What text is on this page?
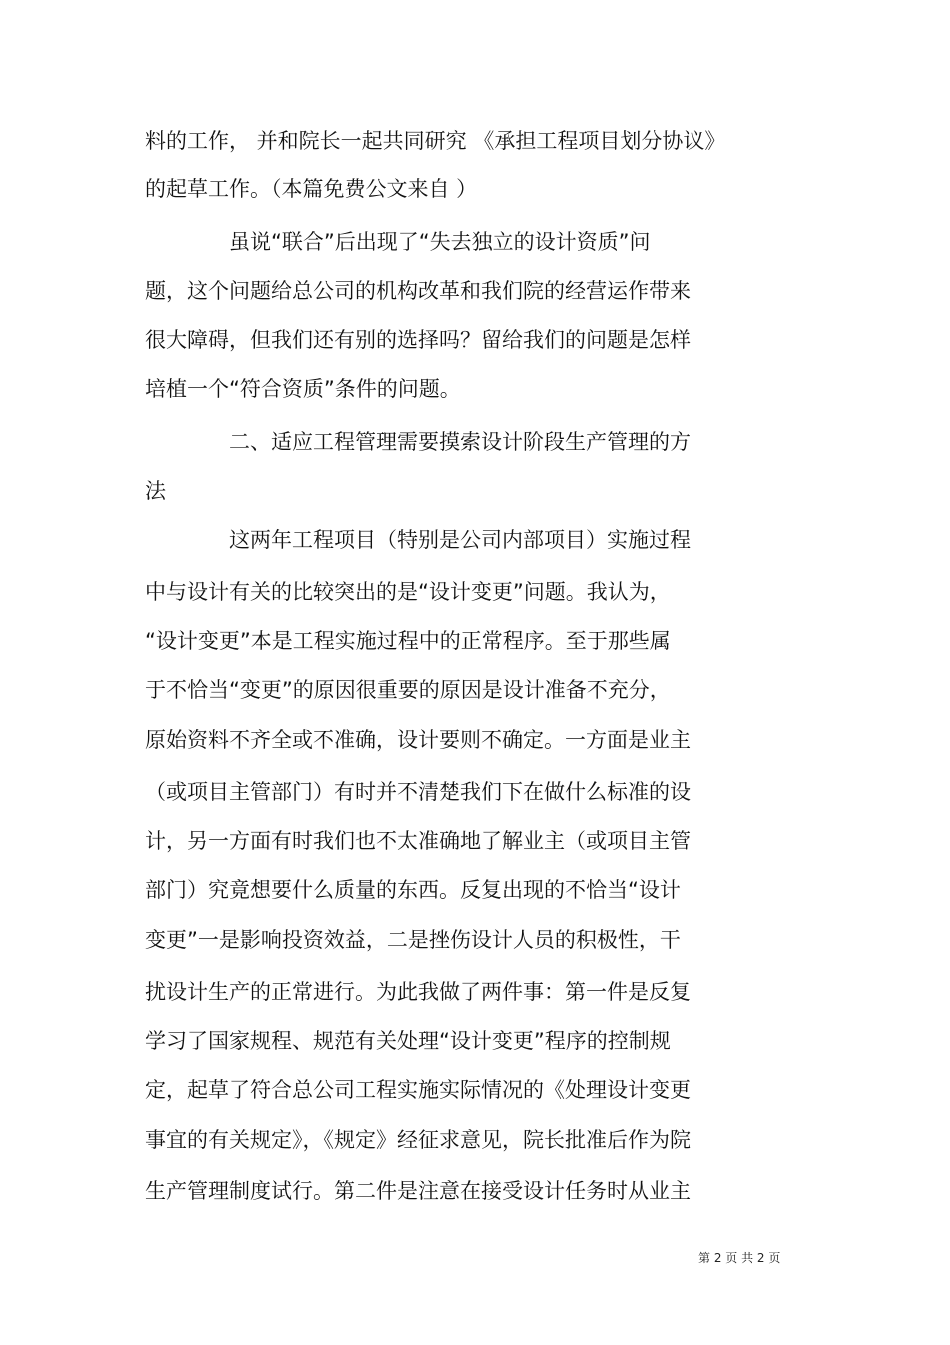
料的工作， 并和院长一起共同研究 《承担工程项目划分协议》
的起草工作。（本篇免费公文来自 ）
　　　　虽说“联合”后出现了“失去独立的设计资质”问
题，这个问题给总公司的机构改革和我们院的经营运作带来
很大障碍，但我们还有别的选择吗？留给我们的问题是怎样
培植一个“符合资质”条件的问题。
　　　　二、适应工程管理需要摸索设计阶段生产管理的方
法
　　　　这两年工程项目（特别是公司内部项目）实施过程
中与设计有关的比较突出的是“设计变更”问题。我认为，
“设计变更”本是工程实施过程中的正常程序。至于那些属
于不恰当“变更”的原因很重要的原因是设计准备不充分，
原始资料不齐全或不准确，设计要则不确定。一方面是业主
（或项目主管部门）有时并不清楚我们下在做什么标准的设
计，另一方面有时我们也不太准确地了解业主（或项目主管
部门）究竟想要什么质量的东西。反复出现的不恰当“设计
变更”一是影响投资效益，二是挫伤设计人员的积极性，干
扰设计生产的正常进行。为此我做了两件事：第一件是反复
学习了国家规程、规范有关处理“设计变更”程序的控制规
定，起草了符合总公司工程实施实际情况的《处理设计变更
事宜的有关规定》，《规定》经征求意见，院长批准后作为院
生产管理制度试行。第二件是注意在接受设计任务时从业主
第 2 页 共 2 页
